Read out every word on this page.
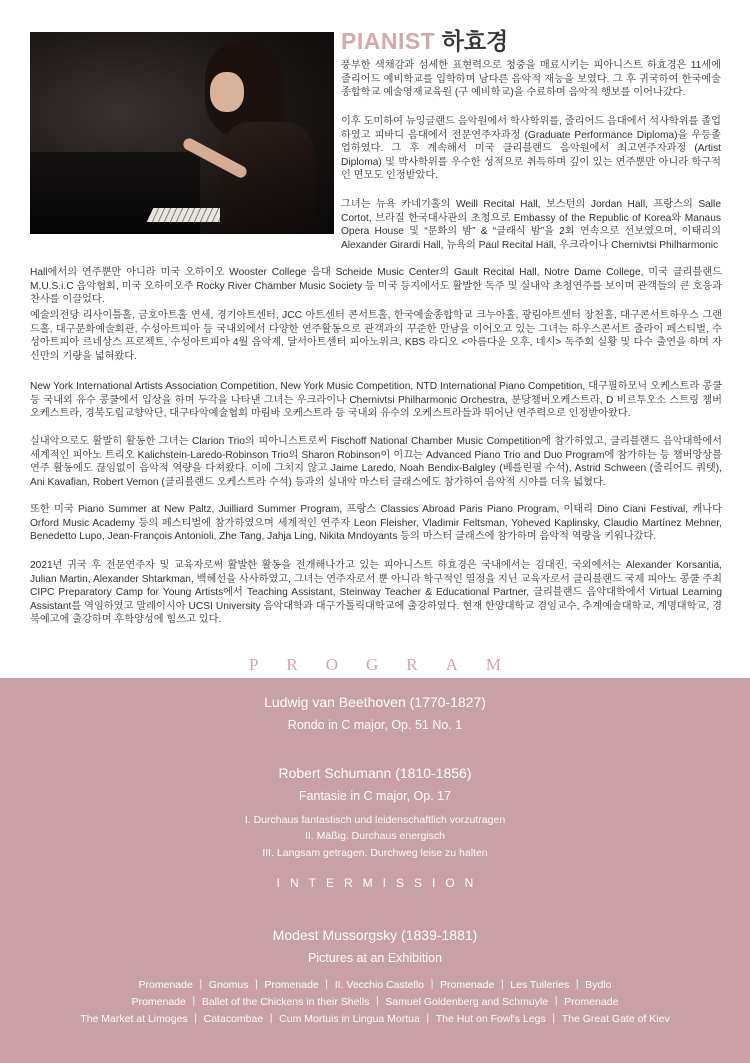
PIANIST 하효경

풍부한 색채감과 섬세한 표현력으로 청중을 매료시키는 피아니스트 하효경은 11세에 줄리어드 예비학교를 입학하며 남다른 음악적 재능을 보였다. 그 후 귀국하여 한국예술종합학교 예술영재교육원 (구 예비학교)을 수료하며 음악적 행보를 이어나갔다.

이후 도미하여 뉴잉글랜드 음악원에서 학사학위를, 줄리어드 음대에서 석사학위를 졸업하였고 피바디 음대에서 전문연주자과정 (Graduate Performance Diploma)을 우등졸업하였다. 그 후 계속해서 미국 클리블랜드 음악원에서 최고연주자과정 (Artist Diploma) 및 박사학위를 우수한 성적으로 취득하며 깊이 있는 연주뿐만 아니라 학구적인 면모도 인정받았다.

그녀는 뉴욕 카네기홀의 Weill Recital Hall, 보스턴의 Jordan Hall, 프랑스의 Salle Cortot, 브라질 한국대사관의 초청으로 Embassy of the Republic of Korea와 Manaus Opera House 및 “문화의 밤” & “클래식 밤”을 2회 연속으로 선보였으며, 이태리의 Alexander Girardi Hall, 뉴욕의 Paul Recital Hall, 우크라이나 Chernivtsi Philharmonic

Hall에서의 연주뿐만 아니라 미국 오하이오 Wooster College 음대 Scheide Music Center의 Gault Recital Hall, Notre Dame College, 미국 클리블랜드 M.U.S.i.C 음악협회, 미국 오하이오주 Rocky River Chamber Music Society 등 미국 등지에서도 활발한 독주 및 실내악 초청연주를 보이며 관객들의 큰 호응과 찬사를 이끌었다.

예술의전당 리사이틀홀, 금호아트홀 연세, 경기아트센터, JCC 아트센터 콘서트홀, 한국예술종합학교 크누아홀, 광림아트센터 장천홀, 대구콘서트하우스 그랜드홀, 대구문화예술회관, 수성아트피아 등 국내외에서 다양한 연주활동으로 관객과의 꾸준한 만남을 이어오고 있는 그녀는 하우스콘서트 줄라이 페스티벌, 수성아트피아 르네상스 프로젝트, 수성아트피아 4월 음악제, 달서아트센터 피아노위크, KBS 라디오 <아름다운 오후, 네시> 독주회 실황 및 다수 출연을 하며 자신만의 기량을 넓혀왔다.

New York International Artists Association Competition, New York Music Competition, NTD International Piano Competition, 대구필하모닉 오케스트라 콩쿨 등 국내외 유수 콩쿨에서 입상을 하며 두각을 나타낸 그녀는 우크라이나 Chernivtsi Philharmonic Orchestra, 분당챔버오케스트라, D 비르투오소 스트링 챔버오케스트라, 경북도립교향악단, 대구타악예술협회 마림바 오케스트라 등 국내외 유수의 오케스트라들과 뛰어난 연주력으로 인정받아왔다.

실내악으로도 활발히 활동한 그녀는 Clarion Trio의 피아니스트로써 Fischoff National Chamber Music Competition에 참가하였고, 클리블랜드 음악대학에서 세계적인 피아노 트리오 Kalichstein-Laredo-Robinson Trio의 Sharon Robinson이 이끄는 Advanced Piano Trio and Duo Program에 참가하는 등 챔버앙상블 연주 활동에도 끊임없이 음악적 역량을 다져왔다. 이에 그치지 않고 Jaime Laredo, Noah Bendix-Balgley (베를린필 수석), Astrid Schween (줄리어드 쿼텟), Ani Kavafian, Robert Vernon (클리블랜드 오케스트라 수석) 등과의 실내악 마스터 클래스에도 참가하여 음악적 시야를 더욱 넓혔다.

또한 미국 Piano Summer at New Paltz, Juilliard Summer Program, 프랑스 Classics Abroad Paris Piano Program, 이태리 Dino Ciani Festival, 캐나다 Orford Music Academy 등의 페스티벌에 참가하였으며 세계적인 연주자 Leon Fleisher, Vladimir Feltsman, Yoheved Kaplinsky, Claudio Martínez Mehner, Benedetto Lupo, Jean-François Antonioli, Zhe Tang, Jahja Ling, Nikita Mndoyants 등의 마스터 클래스에 참가하며 음악적 역량을 키워나갔다.

2021년 귀국 후 전문연주자 및 교육자로써 활발한 활동을 전개해나가고 있는 피아니스트 하효경은 국내에서는 김대진, 국외에서는 Alexander Korsantia, Julian Martin, Alexander Shtarkman, 백혜선을 사사하였고, 그녀는 연주자로서 뿐 아니라 학구적인 열정을 지닌 교육자로서 클리블랜드 국제 피아노 콩쿨 주최 CIPC Preparatory Camp for Young Artists에서 Teaching Assistant, Steinway Teacher & Educational Partner, 클리블랜드 음악대학에서 Virtual Learning Assistant를 역임하였고 말레이시아 UCSI University 음악대학과 대구가톨릭대학교에 출강하였다. 현재 한양대학교 겸임교수, 추계예술대학교, 계명대학교, 경북예고에 출강하며 후학양성에 힘쓰고 있다.

PROGRAM
Ludwig van Beethoven (1770-1827)
Rondo in C major, Op. 51 No. 1
Robert Schumann (1810-1856)
Fantasie in C major, Op. 17
I. Durchaus fantastisch und leidenschaftlich vorzutragen
II. Mäßig. Durchaus energisch
III. Langsam getragen. Durchweg leise zu halten
INTERMISSION
Modest Mussorgsky (1839-1881)
Pictures at an Exhibition
Promenade ㅣ Gnomus ㅣ Promenade ㅣ II. Vecchio Castello ㅣ Promenade ㅣ Les Tuileries ㅣ Bydlo
Promenade ㅣ Ballet of the Chickens in their Shells ㅣ Samuel Goldenberg and Schmuyle ㅣ Promenade
The Market at Limoges ㅣ Catacombae ㅣ Cum Mortuis in Lingua Mortua ㅣ The Hut on Fowl's Legs ㅣ The Great Gate of Kiev
